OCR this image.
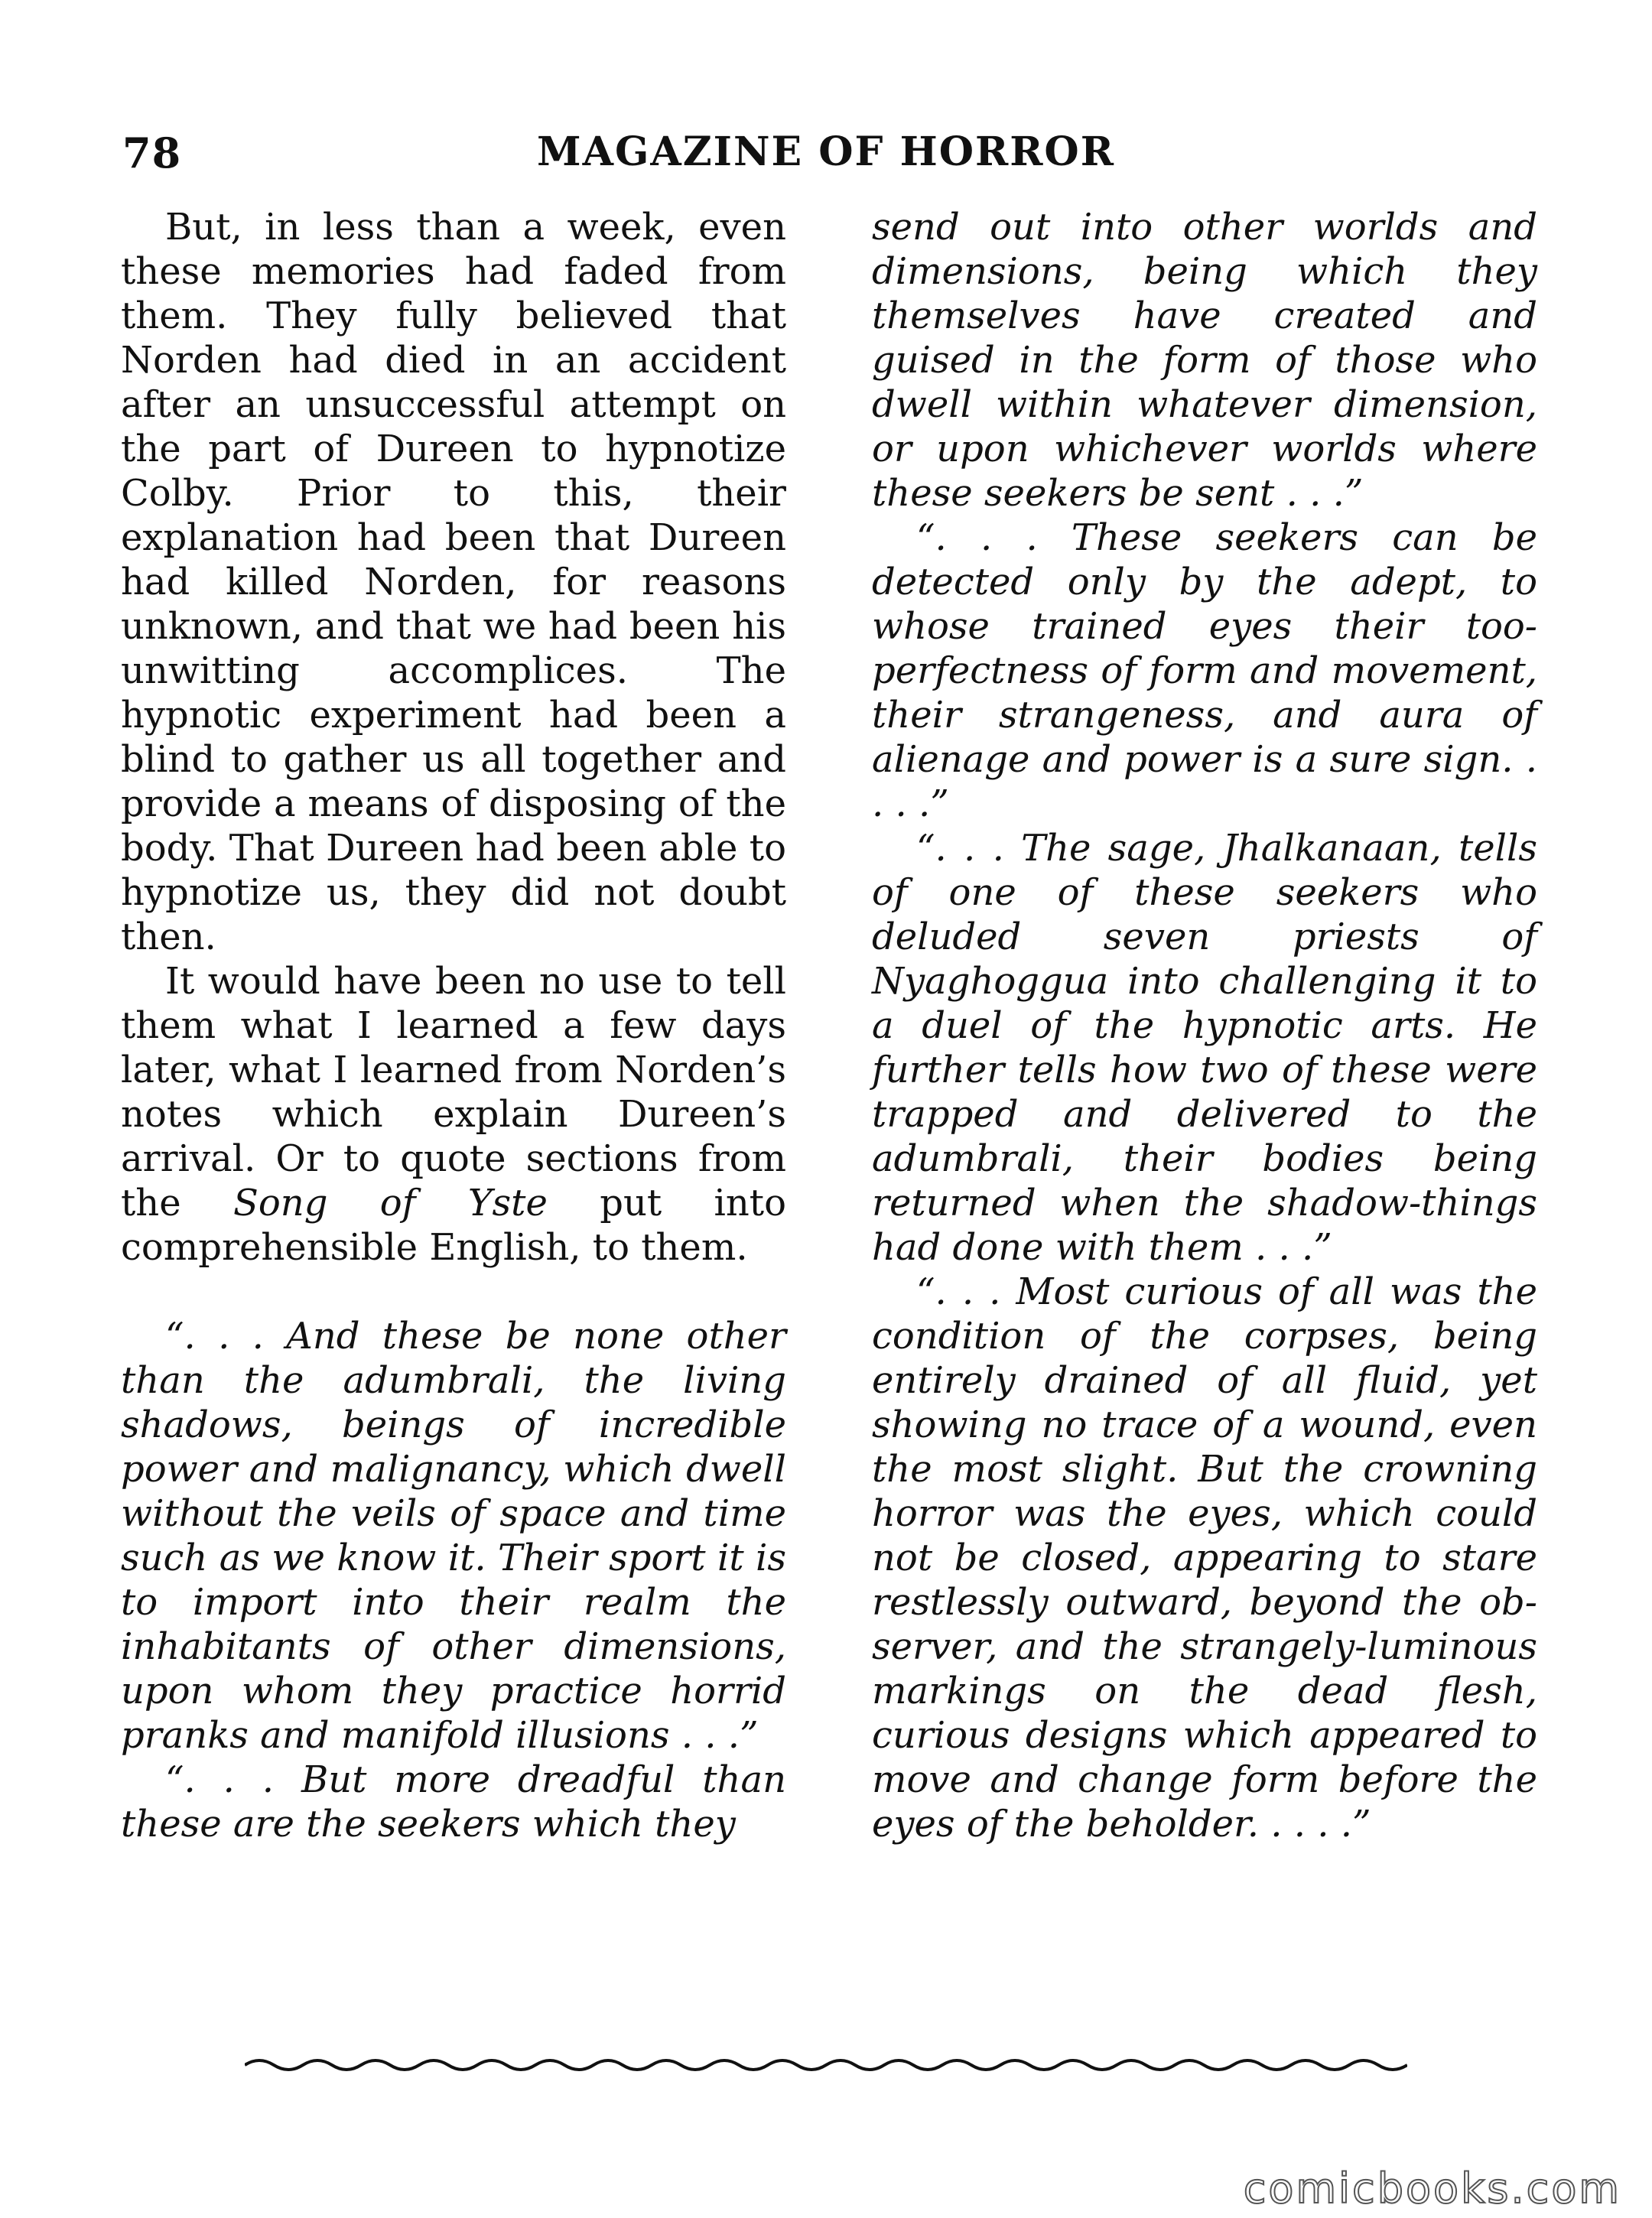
78	MAGAZINE OF HORROR

But, in less than a week, even these memories had faded from them. They fully believed that Norden had died in an accident after an unsuccessful attempt on the part of Dureen to hypnotize Colby. Prior to this, their explanation had been that Dureen had killed Norden, for reasons unknown, and that we had been his unwitting accomplices. The hypnotic experiment had been a blind to gather us all together and provide a means of disposing of the body. That Dureen had been able to hypnotize us, they did not doubt then.

It would have been no use to tell them what I learned a few days later, what I learned from Norden’s notes which explain Dureen’s arrival. Or to quote sections from the Song of Yste put into comprehensible English, to them.

“. . . And these be none other than the adumbrali, the living shadows, beings of incredible power and malignancy, which dwell without the veils of space and time such as we know it. Their sport it is to import into their realm the inhabitants of other dimensions, upon whom they practice horrid pranks and manifold illusions . . .”

“. . . But more dreadful than these are the seekers which they

send out into other worlds and dimensions, being which they themselves have created and guised in the form of those who dwell within whatever dimension, or upon whichever worlds where these seekers be sent . . .”

“. . . These seekers can be detected only by the adept, to whose trained eyes their too-perfectness of form and movement, their strangeness, and aura of alienage and power is a sure sign. . . . .”

“. . . The sage, Jhalkanaan, tells of one of these seekers who deluded seven priests of Nyaghoggua into challenging it to a duel of the hypnotic arts. He further tells how two of these were trapped and delivered to the adumbrali, their bodies being returned when the shadow-things had done with them . . .”

“. . . Most curious of all was the condition of the corpses, being entirely drained of all fluid, yet showing no trace of a wound, even the most slight. But the crowning horror was the eyes, which could not be closed, appearing to stare restlessly outward, beyond the observer, and the strangely-luminous markings on the dead flesh, curious designs which appeared to move and change form before the eyes of the beholder. . . . .”

comicbooks.com
